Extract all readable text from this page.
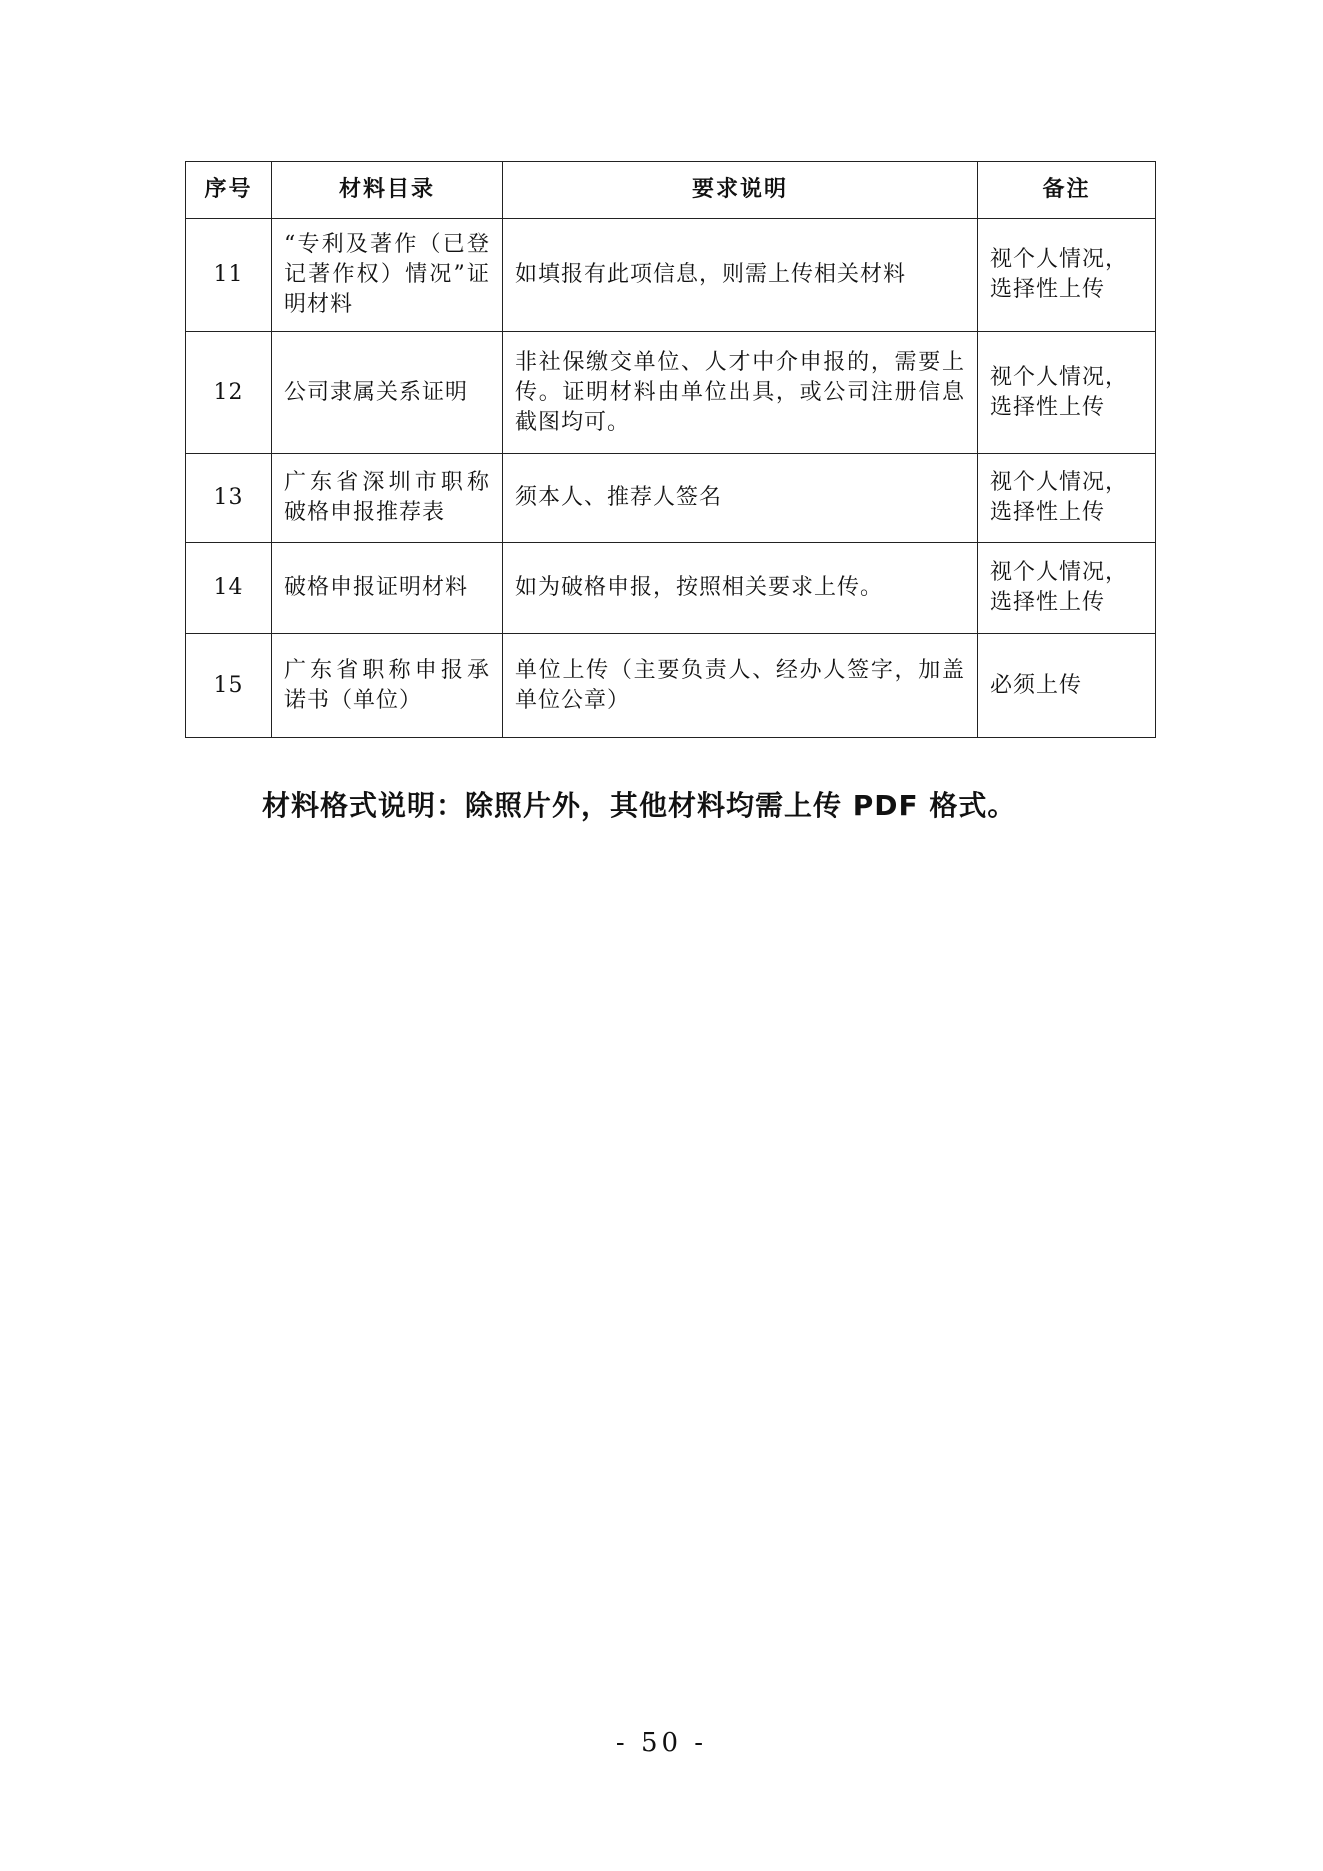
序号	材料目录	要求说明	备注
11	“专利及著作（已登记著作权）情况”证明材料	如填报有此项信息，则需上传相关材料	视个人情况，选择性上传
12	公司隶属关系证明	非社保缴交单位、人才中介申报的，需要上传。证明材料由单位出具，或公司注册信息截图均可。	视个人情况，选择性上传
13	广东省深圳市职称破格申报推荐表	须本人、推荐人签名	视个人情况，选择性上传
14	破格申报证明材料	如为破格申报，按照相关要求上传。	视个人情况，选择性上传
15	广东省职称申报承诺书（单位）	单位上传（主要负责人、经办人签字，加盖单位公章）	必须上传
材料格式说明：除照片外，其他材料均需上传 PDF 格式。
- 50 -
